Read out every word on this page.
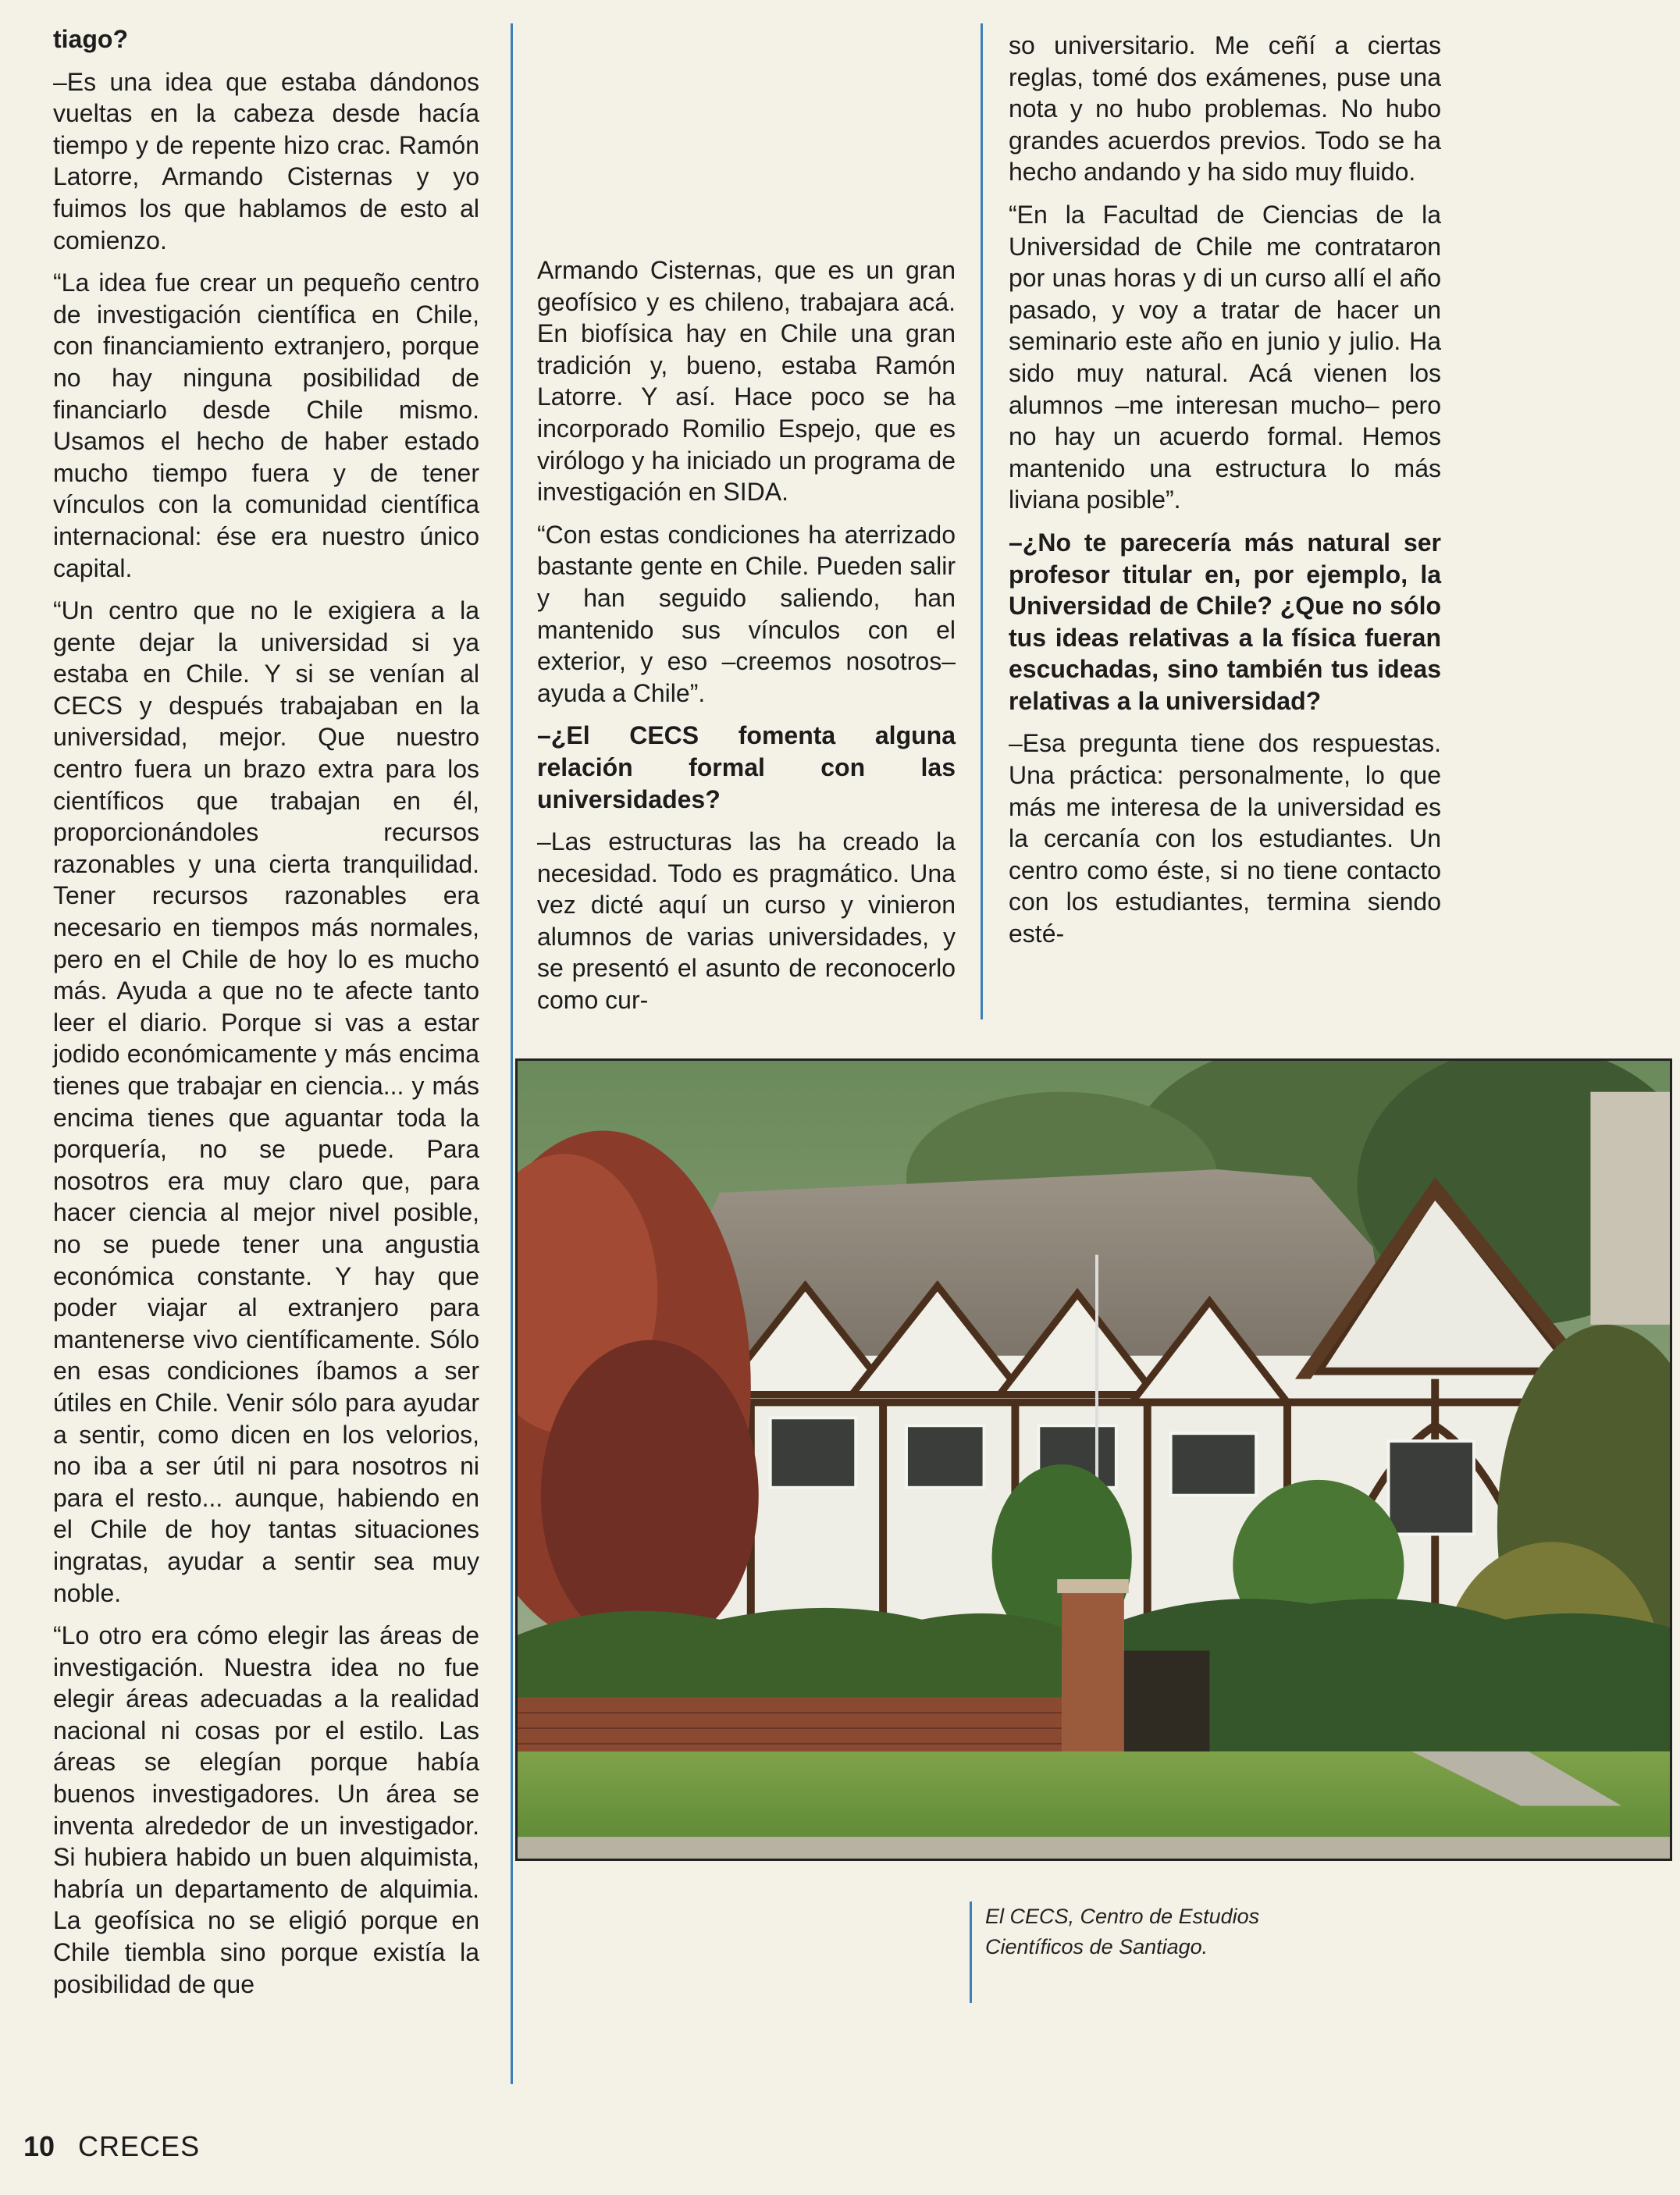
tiago?

–Es una idea que estaba dándonos vueltas en la cabeza desde hacía tiempo y de repente hizo crac. Ramón Latorre, Armando Cisternas y yo fuimos los que hablamos de esto al comienzo.

“La idea fue crear un pequeño centro de investigación científica en Chile, con financiamiento extranjero, porque no hay ninguna posibilidad de financiarlo desde Chile mismo. Usamos el hecho de haber estado mucho tiempo fuera y de tener vínculos con la comunidad científica internacional: ése era nuestro único capital.

“Un centro que no le exigiera a la gente dejar la universidad si ya estaba en Chile. Y si se venían al CECS y después trabajaban en la universidad, mejor. Que nuestro centro fuera un brazo extra para los científicos que trabajan en él, proporcionándoles recursos razonables y una cierta tranquilidad. Tener recursos razonables era necesario en tiempos más normales, pero en el Chile de hoy lo es mucho más. Ayuda a que no te afecte tanto leer el diario. Porque si vas a estar jodido económicamente y más encima tienes que trabajar en ciencia... y más encima tienes que aguantar toda la porquería, no se puede. Para nosotros era muy claro que, para hacer ciencia al mejor nivel posible, no se puede tener una angustia económica constante. Y hay que poder viajar al extranjero para mantenerse vivo científicamente. Sólo en esas condiciones íbamos a ser útiles en Chile. Venir sólo para ayudar a sentir, como dicen en los velorios, no iba a ser útil ni para nosotros ni para el resto... aunque, habiendo en el Chile de hoy tantas situaciones ingratas, ayudar a sentir sea muy noble.

“Lo otro era cómo elegir las áreas de investigación. Nuestra idea no fue elegir áreas adecuadas a la realidad nacional ni cosas por el estilo. Las áreas se elegían porque había buenos investigadores. Un área se inventa alrededor de un investigador. Si hubiera habido un buen alquimista, habría un departamento de alquimia. La geofísica no se eligió porque en Chile tiembla sino porque existía la posibilidad de que

Armando Cisternas, que es un gran geofísico y es chileno, trabajara acá. En biofísica hay en Chile una gran tradición y, bueno, estaba Ramón Latorre. Y así. Hace poco se ha incorporado Romilio Espejo, que es virólogo y ha iniciado un programa de investigación en SIDA.

“Con estas condiciones ha aterrizado bastante gente en Chile. Pueden salir y han seguido saliendo, han mantenido sus vínculos con el exterior, y eso –creemos nosotros– ayuda a Chile”.

–¿El CECS fomenta alguna relación formal con las universidades?

–Las estructuras las ha creado la necesidad. Todo es pragmático. Una vez dicté aquí un curso y vinieron alumnos de varias universidades, y se presentó el asunto de reconocerlo como cur-

so universitario. Me ceñí a ciertas reglas, tomé dos exámenes, puse una nota y no hubo problemas. No hubo grandes acuerdos previos. Todo se ha hecho andando y ha sido muy fluido.

“En la Facultad de Ciencias de la Universidad de Chile me contrataron por unas horas y di un curso allí el año pasado, y voy a tratar de hacer un seminario este año en junio y julio. Ha sido muy natural. Acá vienen los alumnos –me interesan mucho– pero no hay un acuerdo formal. Hemos mantenido una estructura lo más liviana posible”.

–¿No te parecería más natural ser profesor titular en, por ejemplo, la Universidad de Chile? ¿Que no sólo tus ideas relativas a la física fueran escuchadas, sino también tus ideas relativas a la universidad?

–Esa pregunta tiene dos respuestas. Una práctica: personalmente, lo que más me interesa de la universidad es la cercanía con los estudiantes. Un centro como éste, si no tiene contacto con los estudiantes, termina siendo esté-

El CECS, Centro de Estudios Científicos de Santiago.
10 CRECES
